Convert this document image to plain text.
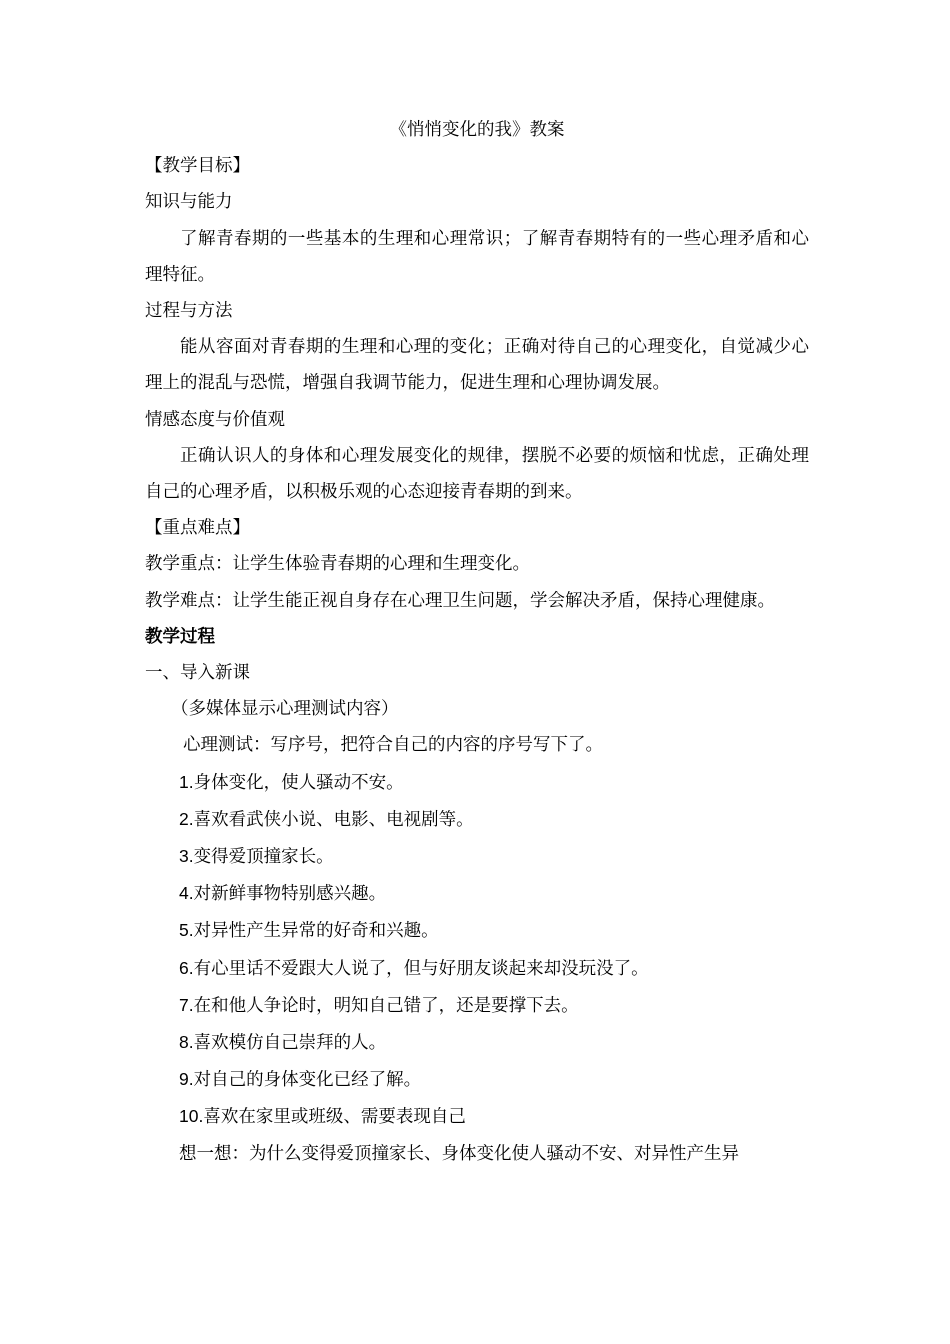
《悄悄变化的我》教案

【教学目标】

知识与能力

了解青春期的一些基本的生理和心理常识；了解青春期特有的一些心理矛盾和心理特征。

过程与方法

能从容面对青春期的生理和心理的变化；正确对待自己的心理变化，自觉减少心理上的混乱与恐慌，增强自我调节能力，促进生理和心理协调发展。

情感态度与价值观

正确认识人的身体和心理发展变化的规律，摆脱不必要的烦恼和忧虑，正确处理自己的心理矛盾，以积极乐观的心态迎接青春期的到来。

【重点难点】

教学重点：让学生体验青春期的心理和生理变化。

教学难点：让学生能正视自身存在心理卫生问题，学会解决矛盾，保持心理健康。

教学过程

一、导入新课

（多媒体显示心理测试内容）

心理测试：写序号，把符合自己的内容的序号写下了。

1.身体变化，使人骚动不安。

2.喜欢看武侠小说、电影、电视剧等。

3.变得爱顶撞家长。

4.对新鲜事物特别感兴趣。

5.对异性产生异常的好奇和兴趣。

6.有心里话不爱跟大人说了，但与好朋友谈起来却没玩没了。

7.在和他人争论时，明知自己错了，还是要撑下去。

8.喜欢模仿自己崇拜的人。

9.对自己的身体变化已经了解。

10.喜欢在家里或班级、需要表现自己

想一想：为什么变得爱顶撞家长、身体变化使人骚动不安、对异性产生异
